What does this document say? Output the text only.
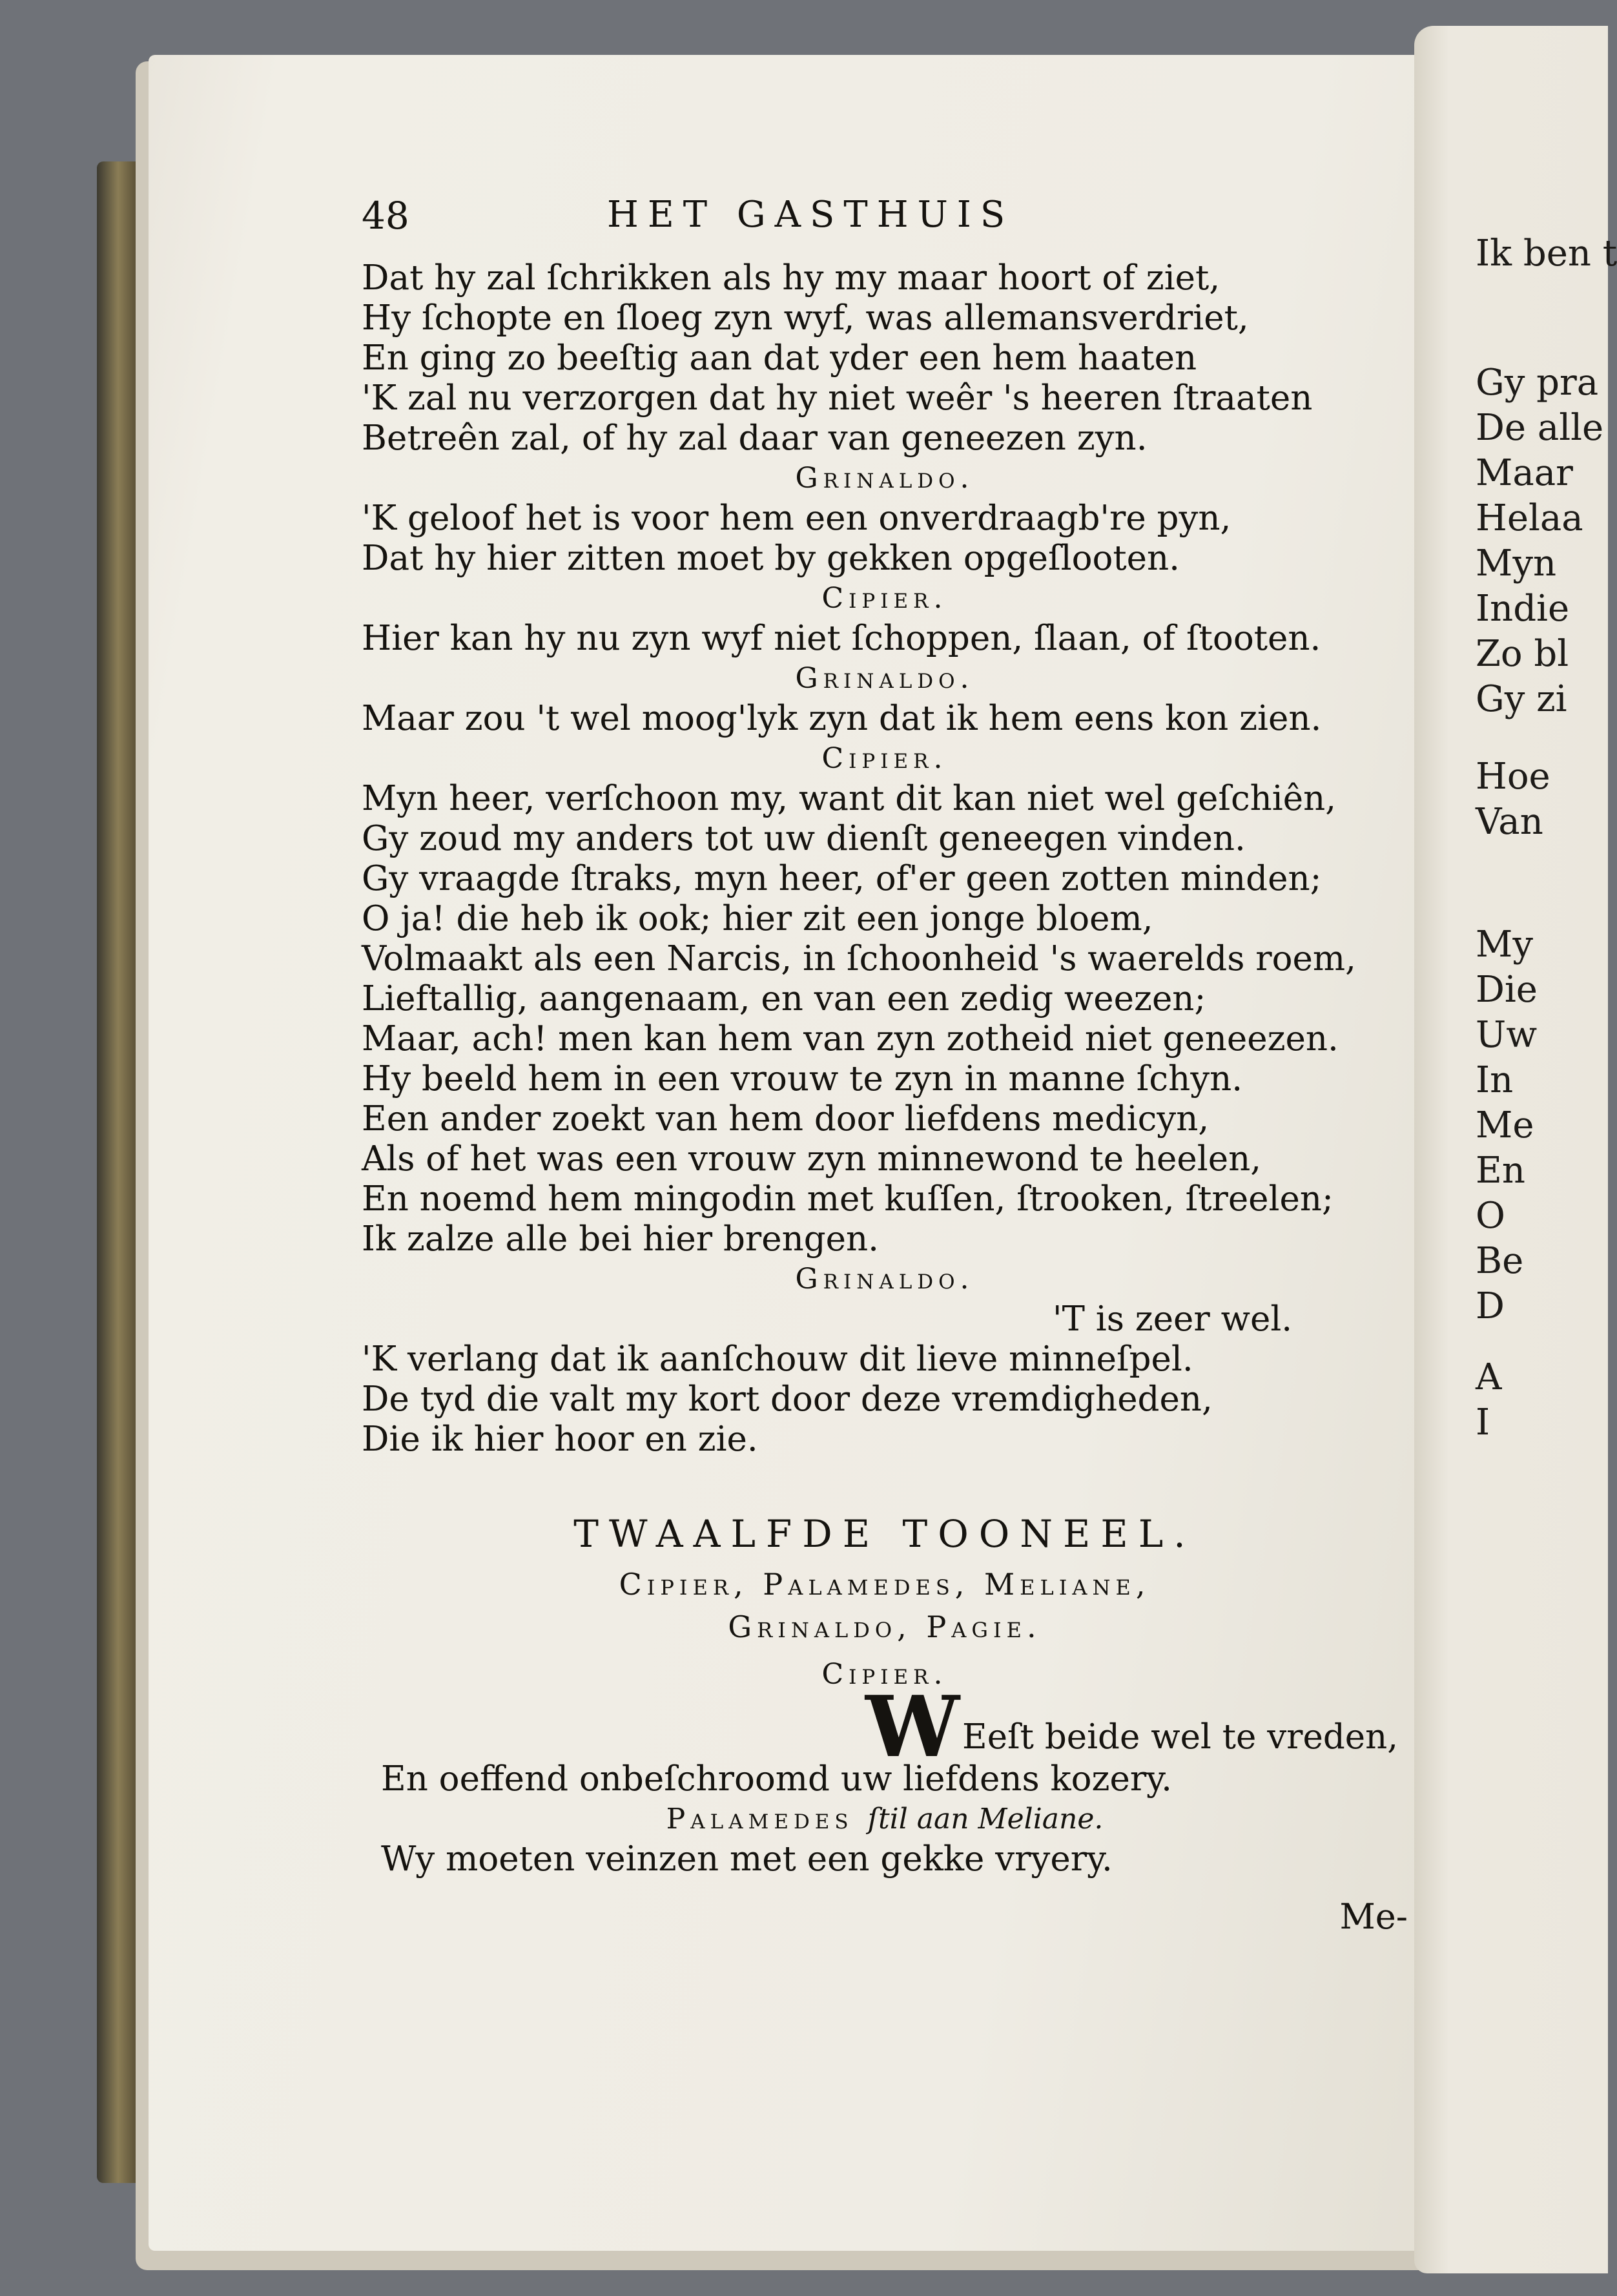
Ik ben t
Gy pra
De alle
Maar
Helaa
Myn
Indie
Zo bl
Gy zi
Hoe
Van
My
Die
Uw
In
Me
En
O
Be
D
A
I
48	HET GASTHUIS
Dat hy zal ſchrikken als hy my maar hoort of ziet,
Hy ſchopte en ſloeg zyn wyf, was allemansverdriet,
En ging zo beeſtig aan dat yder een hem haaten
'K zal nu verzorgen dat hy niet weêr 's heeren ſtraaten
Betreên zal, of hy zal daar van geneezen zyn.
Grinaldo.
'K geloof het is voor hem een onverdraagb're pyn,
Dat hy hier zitten moet by gekken opgeſlooten.
Cipier.
Hier kan hy nu zyn wyf niet ſchoppen, ſlaan, of ſtooten.
Grinaldo.
Maar zou 't wel moog'lyk zyn dat ik hem eens kon zien.
Cipier.
Myn heer, verſchoon my, want dit kan niet wel geſchiên,
Gy zoud my anders tot uw dienſt geneegen vinden.
Gy vraagde ſtraks, myn heer, of'er geen zotten minden;
O ja! die heb ik ook; hier zit een jonge bloem,
Volmaakt als een Narcis, in ſchoonheid 's waerelds roem,
Lieftallig, aangenaam, en van een zedig weezen;
Maar, ach! men kan hem van zyn zotheid niet geneezen.
Hy beeld hem in een vrouw te zyn in manne ſchyn.
Een ander zoekt van hem door liefdens medicyn,
Als of het was een vrouw zyn minnewond te heelen,
En noemd hem mingodin met kuſſen, ſtrooken, ſtreelen;
Ik zalze alle bei hier brengen.
Grinaldo.
'T is zeer wel.
'K verlang dat ik aanſchouw dit lieve minneſpel.
De tyd die valt my kort door deze vremdigheden,
Die ik hier hoor en zie.
TWAALFDE TOONEEL.
Cipier, Palamedes, Meliane,
Grinaldo, Pagie.
Cipier.
WEeſt beide wel te vreden,
En oeffend onbeſchroomd uw liefdens kozery.
Palamedes ſtil aan Meliane.
Wy moeten veinzen met een gekke vryery.
Me-
